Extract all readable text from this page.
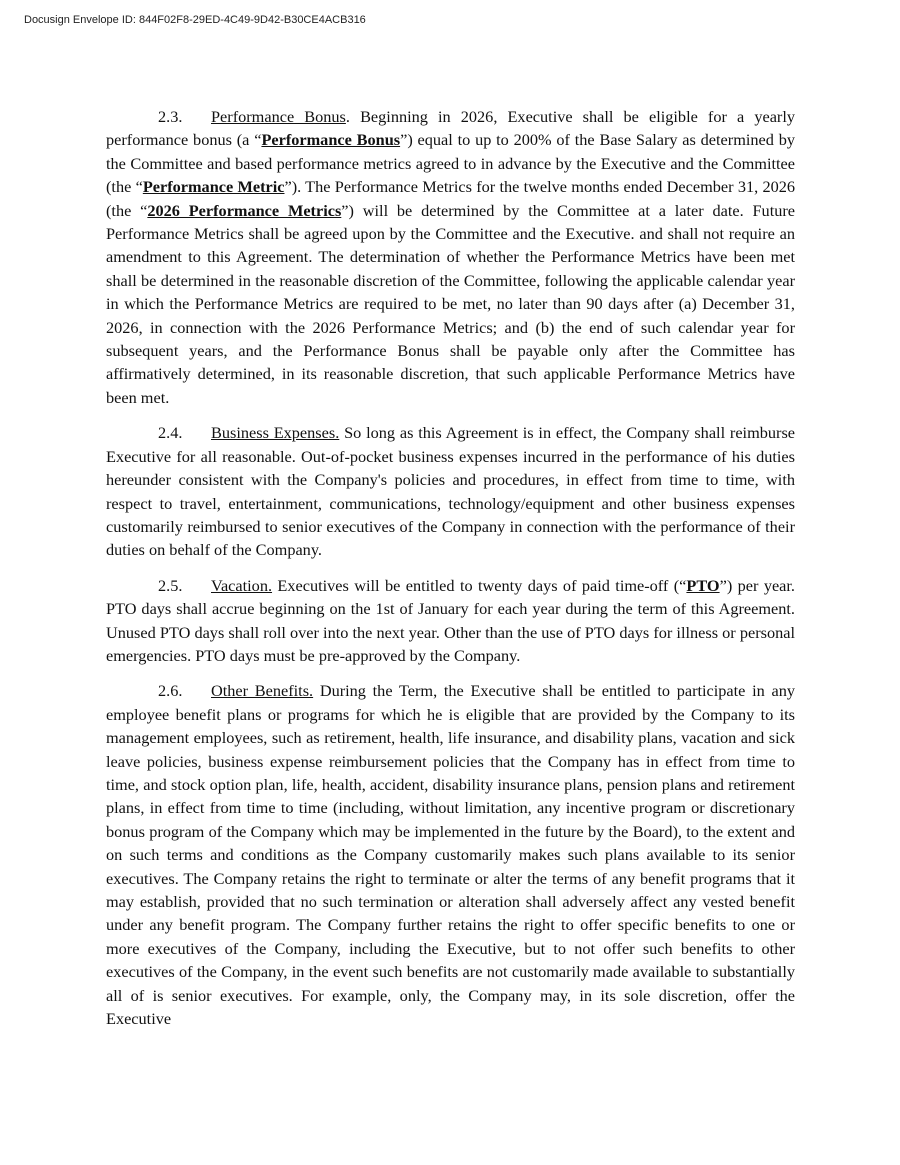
Docusign Envelope ID: 844F02F8-29ED-4C49-9D42-B30CE4ACB316

2.3. Performance Bonus. Beginning in 2026, Executive shall be eligible for a yearly performance bonus (a “Performance Bonus”) equal to up to 200% of the Base Salary as determined by the Committee and based performance metrics agreed to in advance by the Executive and the Committee (the “Performance Metric”). The Performance Metrics for the twelve months ended December 31, 2026 (the “2026 Performance Metrics”) will be determined by the Committee at a later date. Future Performance Metrics shall be agreed upon by the Committee and the Executive. and shall not require an amendment to this Agreement. The determination of whether the Performance Metrics have been met shall be determined in the reasonable discretion of the Committee, following the applicable calendar year in which the Performance Metrics are required to be met, no later than 90 days after (a) December 31, 2026, in connection with the 2026 Performance Metrics; and (b) the end of such calendar year for subsequent years, and the Performance Bonus shall be payable only after the Committee has affirmatively determined, in its reasonable discretion, that such applicable Performance Metrics have been met.

2.4. Business Expenses. So long as this Agreement is in effect, the Company shall reimburse Executive for all reasonable. Out-of-pocket business expenses incurred in the performance of his duties hereunder consistent with the Company's policies and procedures, in effect from time to time, with respect to travel, entertainment, communications, technology/equipment and other business expenses customarily reimbursed to senior executives of the Company in connection with the performance of their duties on behalf of the Company.

2.5. Vacation. Executives will be entitled to twenty days of paid time-off (“PTO”) per year. PTO days shall accrue beginning on the 1st of January for each year during the term of this Agreement. Unused PTO days shall roll over into the next year. Other than the use of PTO days for illness or personal emergencies. PTO days must be pre-approved by the Company.

2.6. Other Benefits. During the Term, the Executive shall be entitled to participate in any employee benefit plans or programs for which he is eligible that are provided by the Company to its management employees, such as retirement, health, life insurance, and disability plans, vacation and sick leave policies, business expense reimbursement policies that the Company has in effect from time to time, and stock option plan, life, health, accident, disability insurance plans, pension plans and retirement plans, in effect from time to time (including, without limitation, any incentive program or discretionary bonus program of the Company which may be implemented in the future by the Board), to the extent and on such terms and conditions as the Company customarily makes such plans available to its senior executives. The Company retains the right to terminate or alter the terms of any benefit programs that it may establish, provided that no such termination or alteration shall adversely affect any vested benefit under any benefit program. The Company further retains the right to offer specific benefits to one or more executives of the Company, including the Executive, but to not offer such benefits to other executives of the Company, in the event such benefits are not customarily made available to substantially all of is senior executives. For example, only, the Company may, in its sole discretion, offer the Executive
